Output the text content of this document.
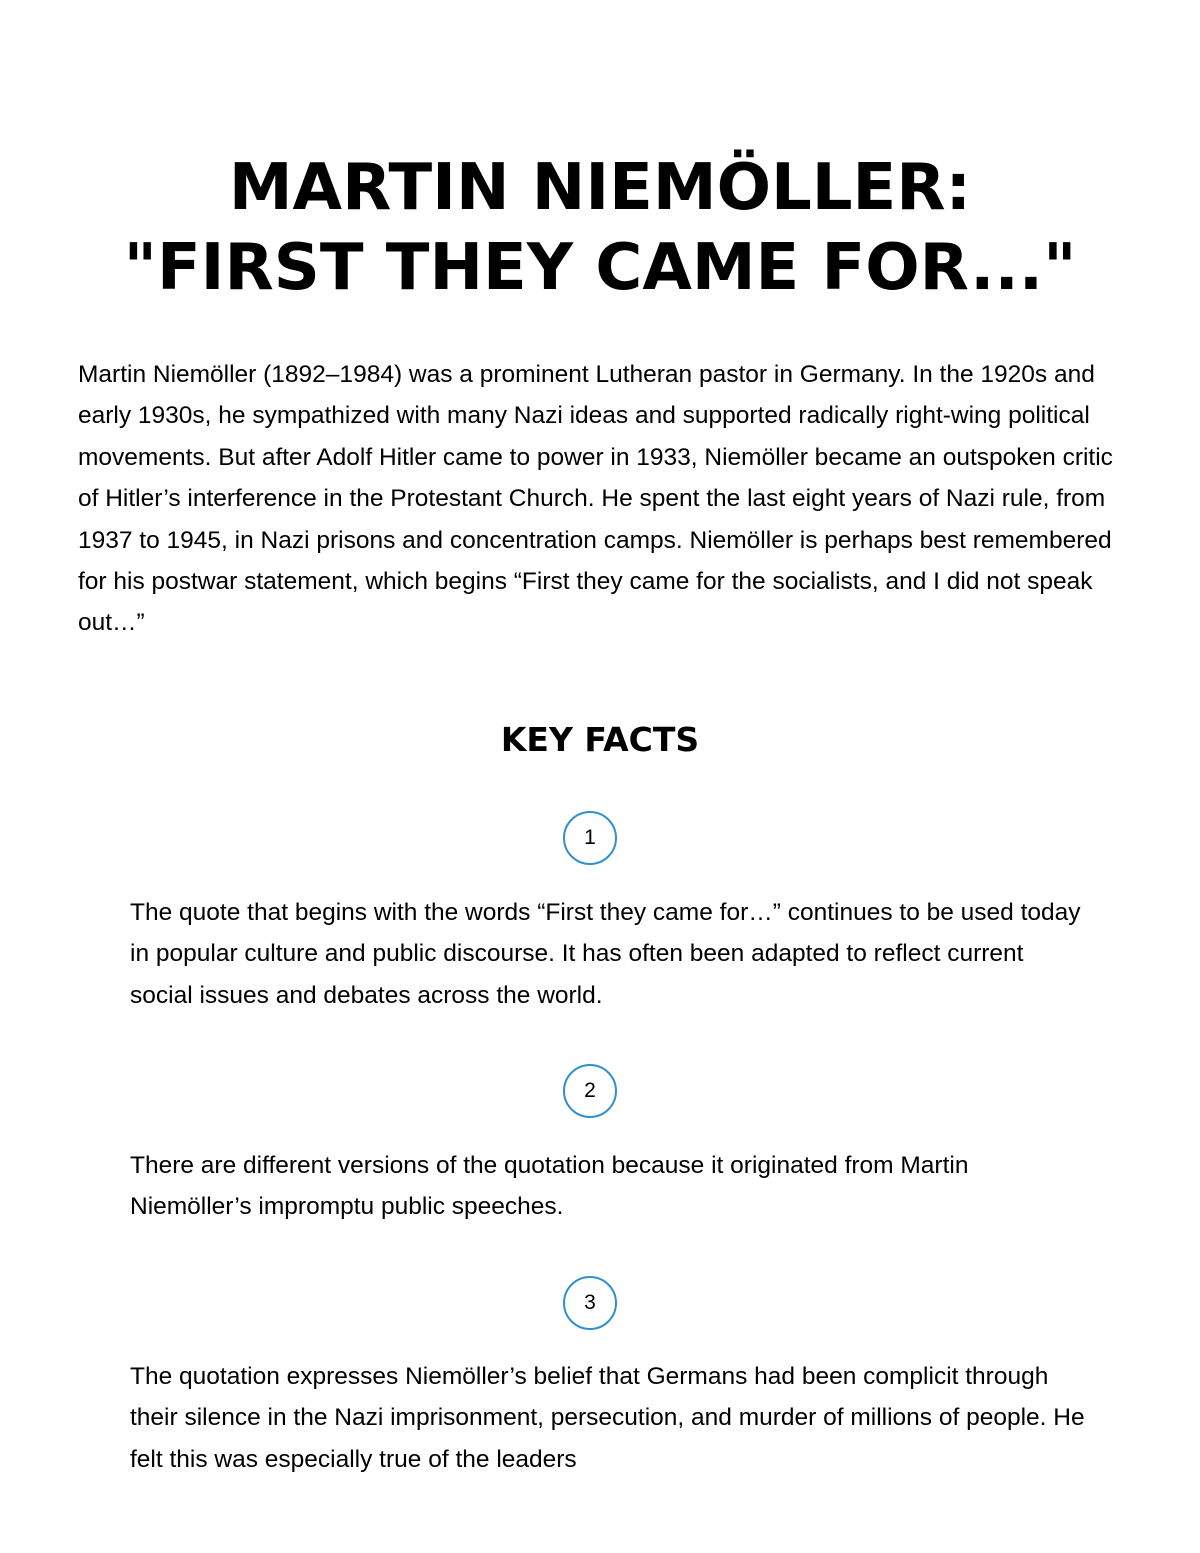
MARTIN NIEMÖLLER:
"FIRST THEY CAME FOR..."

Martin Niemöller (1892–1984) was a prominent Lutheran pastor in Germany. In the 1920s and early 1930s, he sympathized with many Nazi ideas and supported radically right-wing political movements. But after Adolf Hitler came to power in 1933, Niemöller became an outspoken critic of Hitler’s interference in the Protestant Church. He spent the last eight years of Nazi rule, from 1937 to 1945, in Nazi prisons and concentration camps. Niemöller is perhaps best remembered for his postwar statement, which begins “First they came for the socialists, and I did not speak out…”

KEY FACTS
1

The quote that begins with the words “First they came for…” continues to be used today in popular culture and public discourse. It has often been adapted to reflect current social issues and debates across the world.

2

There are different versions of the quotation because it originated from Martin Niemöller’s impromptu public speeches.

3

The quotation expresses Niemöller’s belief that Germans had been complicit through their silence in the Nazi imprisonment, persecution, and murder of millions of people. He felt this was especially true of the leaders
